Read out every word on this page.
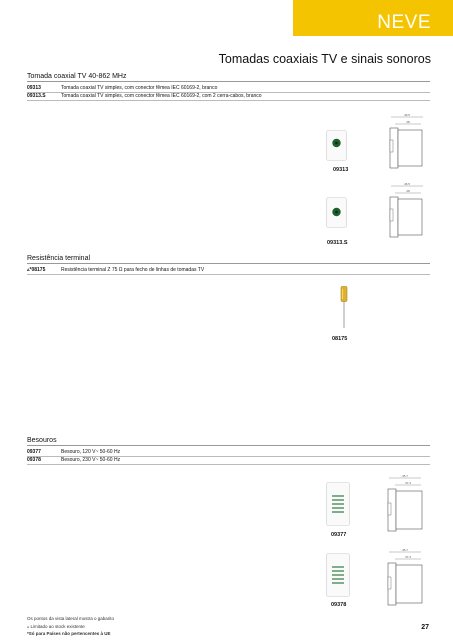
NEVE
Tomadas coaxiais TV e sinais sonoros
Tomada coaxial TV 40-862 MHz
09313	Tomada coaxial TV simples, com conector fêmea IEC 60169-2, branco
09313.S	Tomada coaxial TV simples, com conector fêmea IEC 60169-2, com 2 cerra-cabos, branco
09313
46.5
28
09313.S
46.5
28
Resistência terminal
▵*08175	Resistência terminal Z 75 Ω para fecho de linhas de tomadas TV
08175
Besouros
09377	Besouro, 120 V~ 50-60 Hz
09378	Besouro, 230 V~ 50-60 Hz
09377
45.7
37.3
09378
45.7
37.3
Os pontos da vista lateral mostra o gabarito
▵ Limitado ao stock existente
*Só para Países não pertencentes à UE
27
